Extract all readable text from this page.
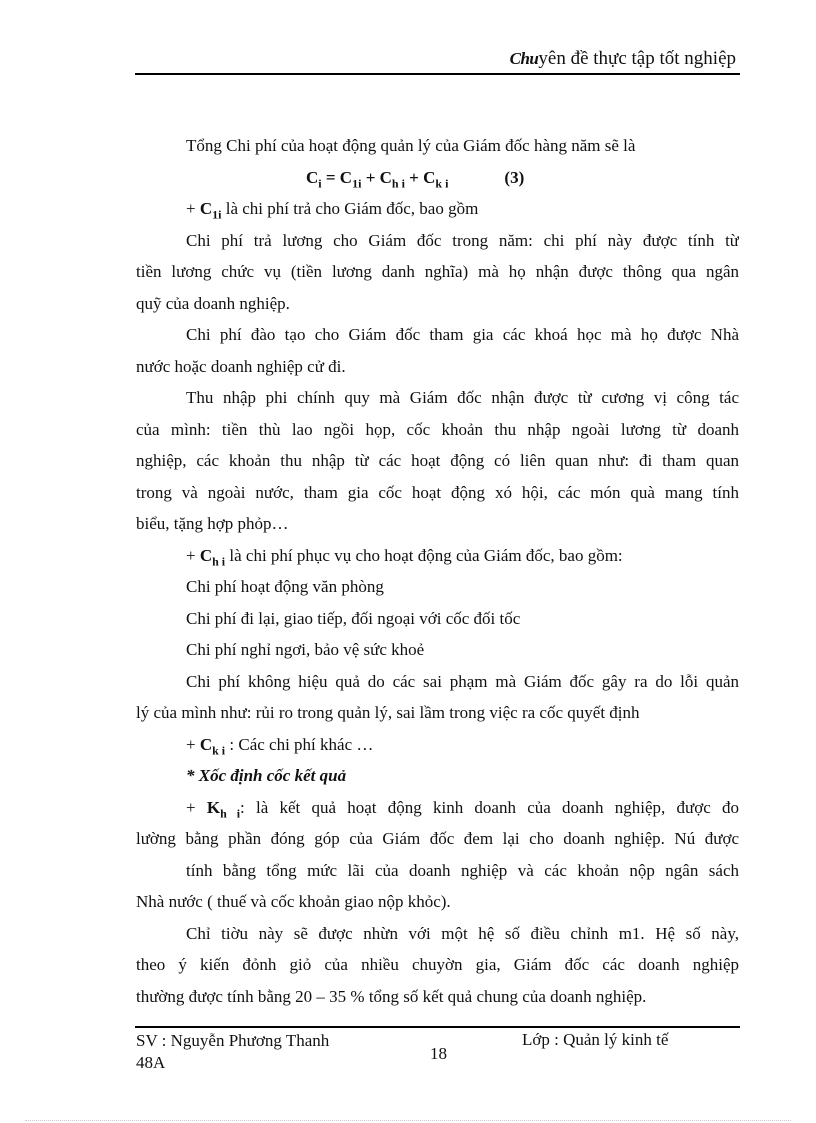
Chuyên đề thực tập tốt nghiệp
Tổng Chi phí của hoạt động quản lý của Giám đốc hàng năm sẽ là
$C_i = C_{1i} + C_{h i} + C_{k i}$	(3)
+ $C_{1i}$ là chi phí trả cho Giám đốc, bao gồm
Chi phí trả lương cho Giám đốc trong năm: chi phí này được tính từ
tiền lương chức vụ (tiền lương danh nghĩa) mà họ nhận được thông qua ngân
quỹ của doanh nghiệp.
Chi phí đào tạo cho Giám đốc tham gia các khoá học mà họ được Nhà
nước hoặc doanh nghiệp cử đi.
Thu nhập phi chính quy mà Giám đốc nhận được từ cương vị công tác
của mình: tiền thù lao ngồi họp, cốc khoản thu nhập ngoài lương từ doanh
nghiệp, các khoản thu nhập từ các hoạt động có liên quan như: đi tham quan
trong và ngoài nước, tham gia cốc hoạt động xó hội, các món quà mang tính
biểu, tặng hợp phỏp…
+ $C_{h i}$ là chi phí phục vụ cho hoạt động của Giám đốc, bao gồm:
Chi phí hoạt động văn phòng
Chi phí đi lại, giao tiếp, đối ngoại với cốc đối tốc
Chi phí nghỉ ngơi, bảo vệ sức khoẻ
Chi phí không hiệu quả do các sai phạm mà Giám đốc gây ra do lỗi quản
lý của mình như: rủi ro trong quản lý, sai lầm trong việc ra cốc quyết định
+ $C_{k i}$ : Các chi phí khác …
* Xốc định cốc kết quả
+ $K_{h i}$: là kết quả hoạt động kinh doanh của doanh nghiệp, được đo
lường bằng phần đóng góp của Giám đốc đem lại cho doanh nghiệp. Nú được
tính bằng tổng mức lãi của doanh nghiệp và các khoản nộp ngân sách
Nhà nước ( thuế và cốc khoản giao nộp khỏc).
Chỉ tiờu này sẽ được nhừn với một hệ số điều chỉnh m1. Hệ số này,
theo ý kiến đỏnh giỏ của nhiều chuyờn gia, Giám đốc các doanh nghiệp
thường được tính bằng 20 – 35 % tổng số kết quả chung của doanh nghiệp.
SV : Nguyễn Phương Thanh
48A	18
Lớp : Quản lý kinh tế
